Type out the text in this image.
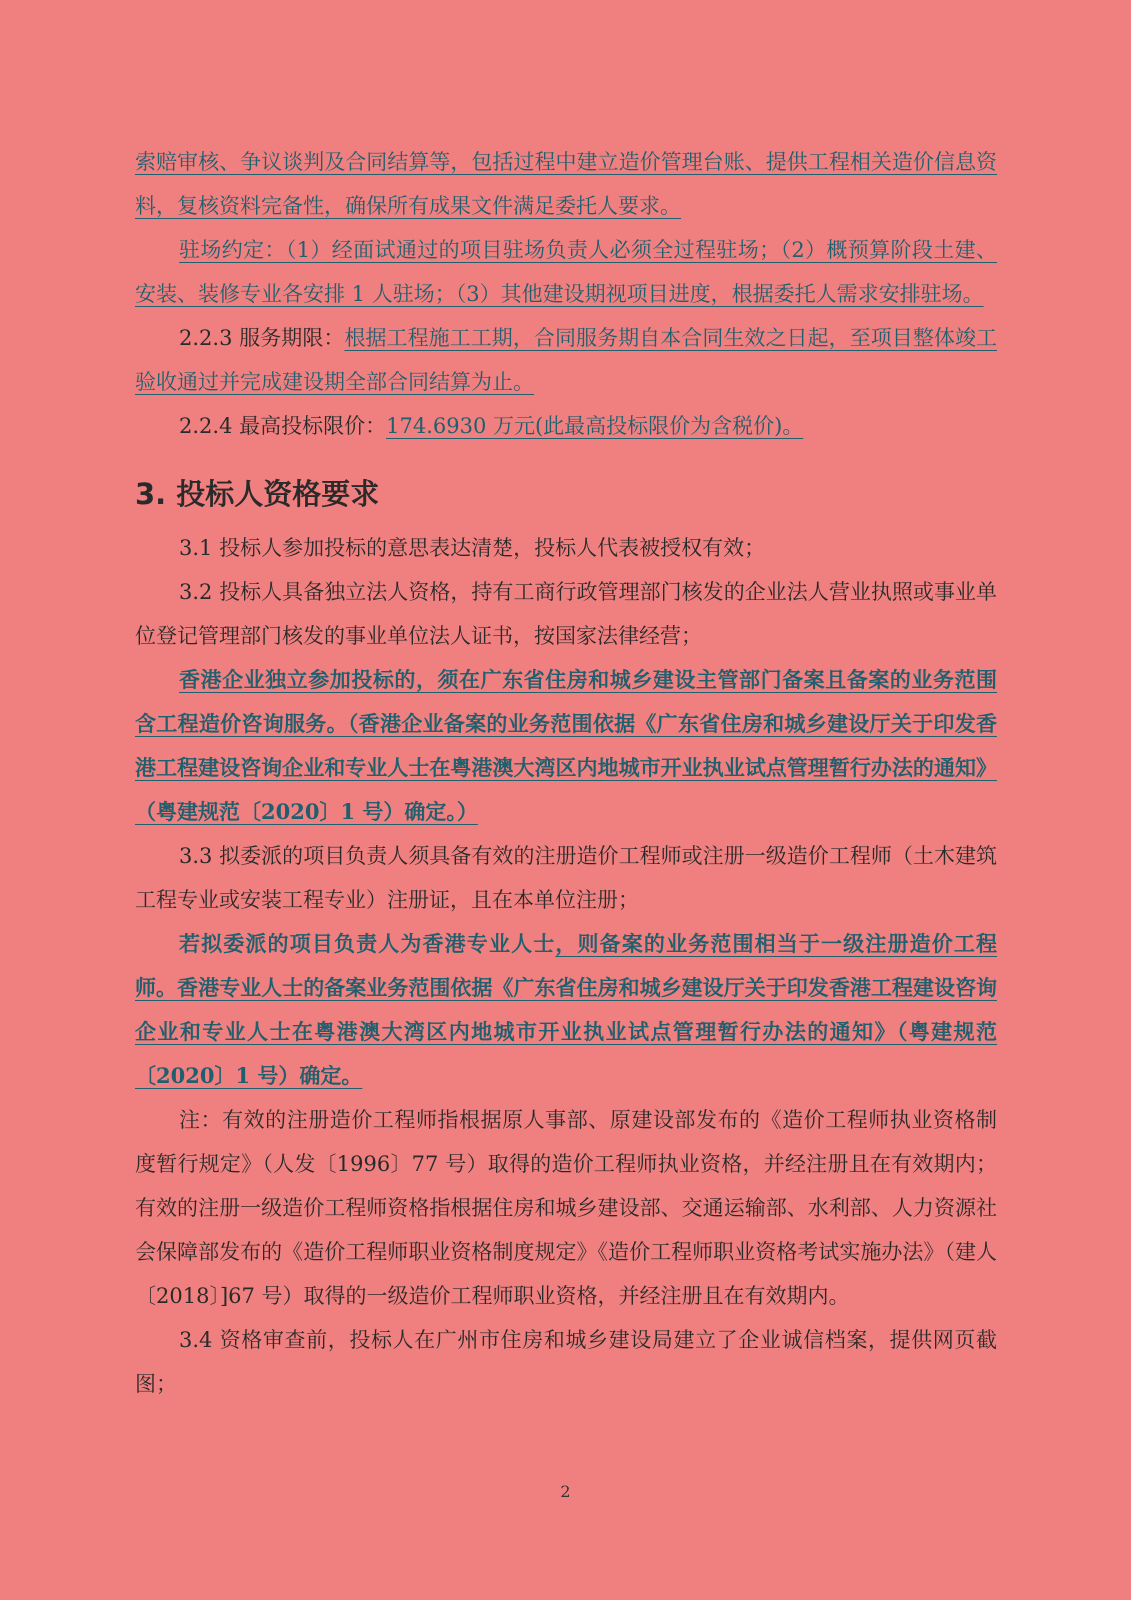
索赔审核、争议谈判及合同结算等，包括过程中建立造价管理台账、提供工程相关造价信息资料，复核资料完备性，确保所有成果文件满足委托人要求。

驻场约定：（1）经面试通过的项目驻场负责人必须全过程驻场；（2）概预算阶段土建、安装、装修专业各安排 1 人驻场；（3）其他建设期视项目进度，根据委托人需求安排驻场。

2.2.3 服务期限：根据工程施工工期，合同服务期自本合同生效之日起，至项目整体竣工验收通过并完成建设期全部合同结算为止。

2.2.4 最高投标限价：174.6930 万元(此最高投标限价为含税价)。

3. 投标人资格要求

3.1 投标人参加投标的意思表达清楚，投标人代表被授权有效；

3.2 投标人具备独立法人资格，持有工商行政管理部门核发的企业法人营业执照或事业单位登记管理部门核发的事业单位法人证书，按国家法律经营；

香港企业独立参加投标的，须在广东省住房和城乡建设主管部门备案且备案的业务范围含工程造价咨询服务。（香港企业备案的业务范围依据《广东省住房和城乡建设厅关于印发香港工程建设咨询企业和专业人士在粤港澳大湾区内地城市开业执业试点管理暂行办法的通知》（粤建规范〔2020〕1 号）确定。）

3.3 拟委派的项目负责人须具备有效的注册造价工程师或注册一级造价工程师（土木建筑工程专业或安装工程专业）注册证，且在本单位注册；

若拟委派的项目负责人为香港专业人士，则备案的业务范围相当于一级注册造价工程师。香港专业人士的备案业务范围依据《广东省住房和城乡建设厅关于印发香港工程建设咨询企业和专业人士在粤港澳大湾区内地城市开业执业试点管理暂行办法的通知》（粤建规范〔2020〕1 号）确定。

注：有效的注册造价工程师指根据原人事部、原建设部发布的《造价工程师执业资格制度暂行规定》（人发〔1996〕77 号）取得的造价工程师执业资格，并经注册且在有效期内；有效的注册一级造价工程师资格指根据住房和城乡建设部、交通运输部、水利部、人力资源社会保障部发布的《造价工程师职业资格制度规定》《造价工程师职业资格考试实施办法》（建人〔2018〕]67 号）取得的一级造价工程师职业资格，并经注册且在有效期内。

3.4 资格审查前，投标人在广州市住房和城乡建设局建立了企业诚信档案，提供网页截图；

2
